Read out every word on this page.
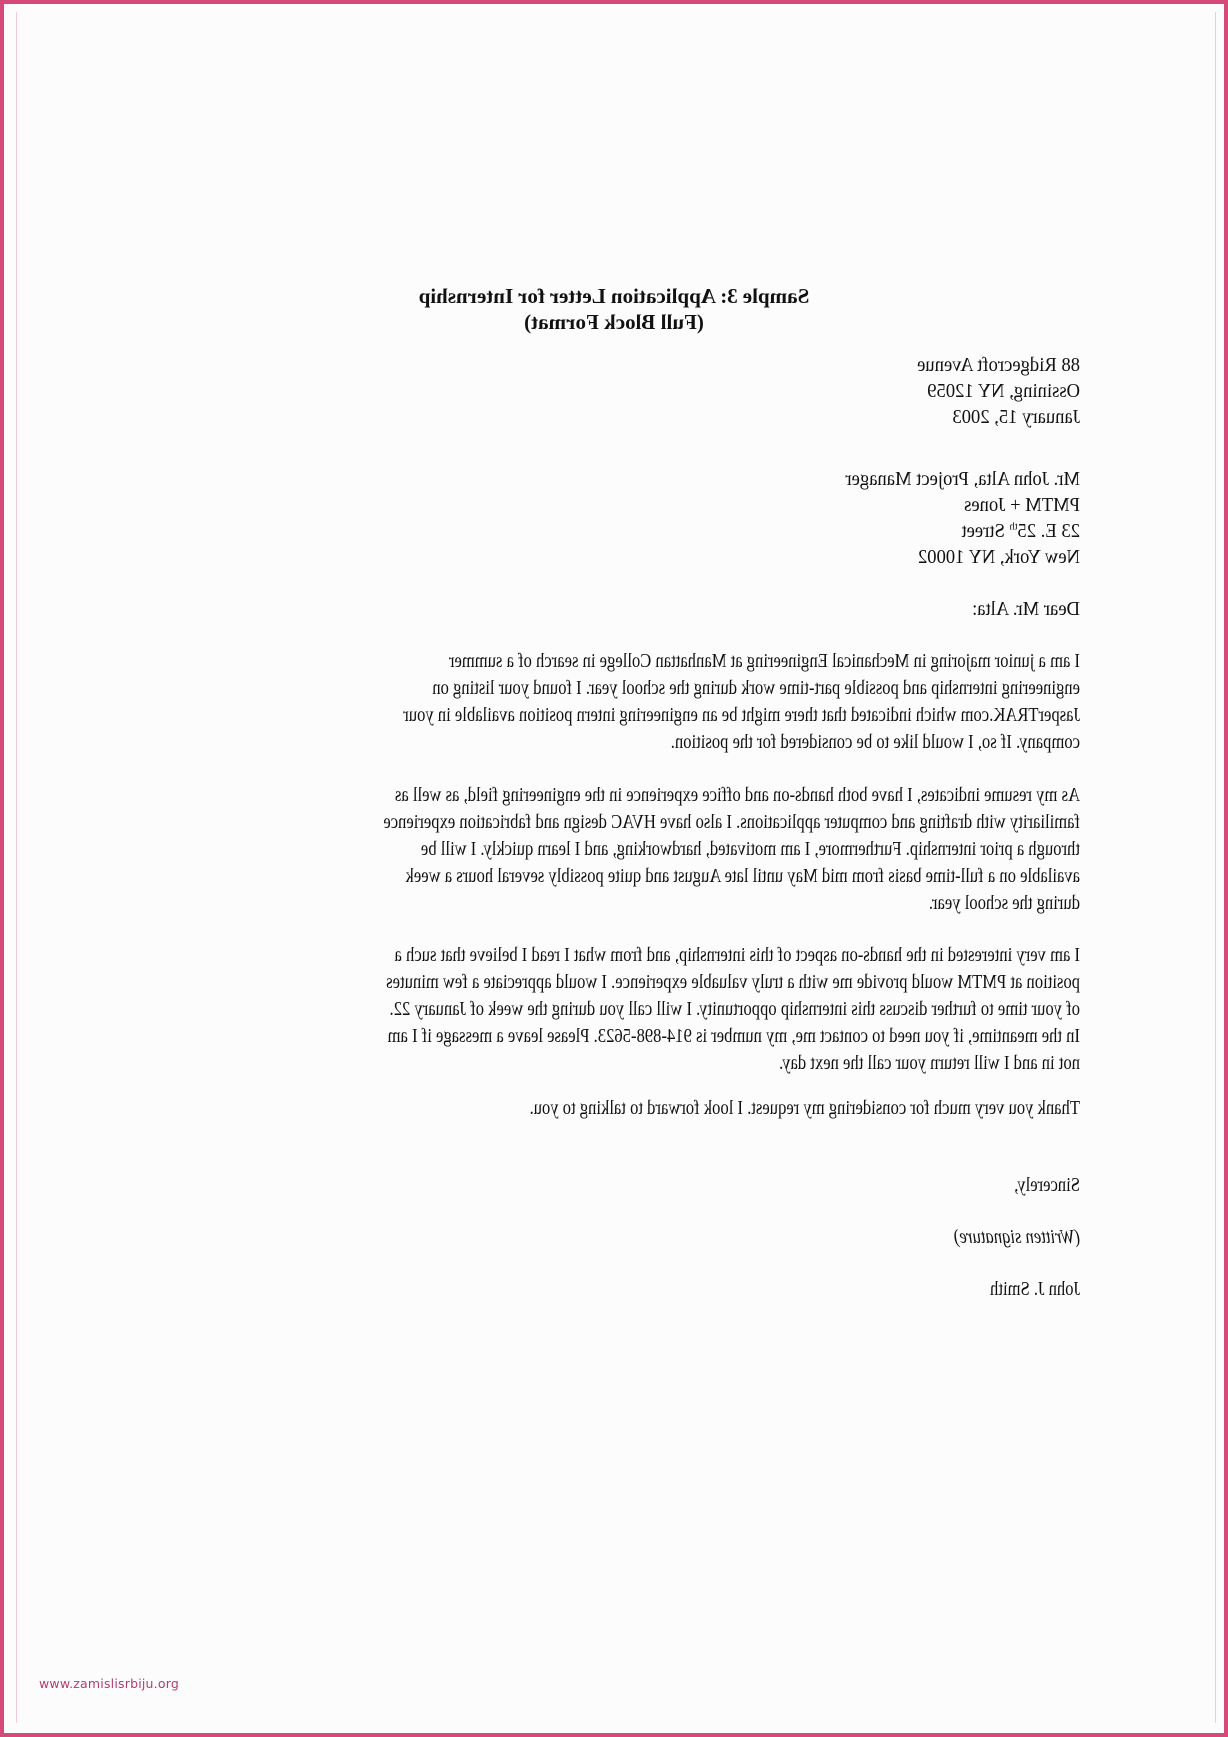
Sample 3: Application Letter for Internship
(Full Block Format)
88 Ridgecroft Avenue
Ossining, NY 12059
January 15, 2003
Mr. John Alta, Project Manager
PMTM + Jones
23 E. 25th Street
New York, NY 10002
Dear Mr. Alta:
I am a junior majoring in Mechanical Engineering at Manhattan College in search of a summer
engineering internship and possible part-time work during the school year. I found your listing on
JasperTRAK.com which indicated that there might be an engineering intern position available in your
company. If so, I would like to be considered for the position.
As my resume indicates, I have both hands-on and office experience in the engineering field, as well as
familiarity with drafting and computer applications. I also have HVAC design and fabrication experience
through a prior internship. Furthermore, I am motivated, hardworking, and I learn quickly. I will be
available on a full-time basis from mid May until late August and quite possibly several hours a week
during the school year.
I am very interested in the hands-on aspect of this internship, and from what I read I believe that such a
position at PMTM would provide me with a truly valuable experience. I would appreciate a few minutes
of your time to further discuss this internship opportunity. I will call you during the week of January 22.
In the meantime, if you need to contact me, my number is 914-898-5623. Please leave a message if I am
not in and I will return your call the next day.
Thank you very much for considering my request. I look forward to talking to you.
Sincerely,
(Written signature)
John J. Smith
www.zamislisrbiju.org
